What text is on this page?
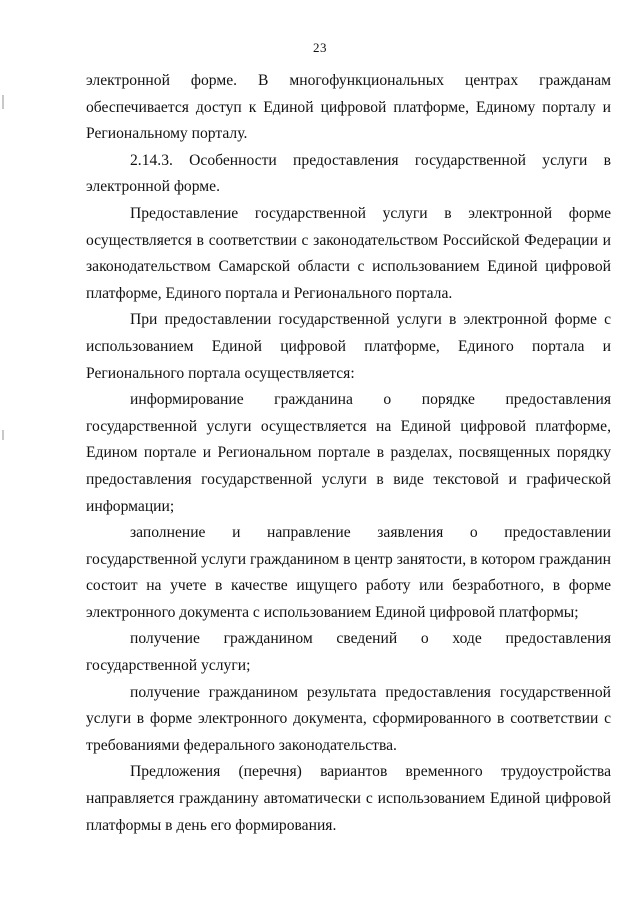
23

электронной форме. В многофункциональных центрах гражданам обеспечивается доступ к Единой цифровой платформе, Единому порталу и Региональному порталу.

2.14.3. Особенности предоставления государственной услуги в электронной форме.

Предоставление государственной услуги в электронной форме осуществляется в соответствии с законодательством Российской Федерации и законодательством Самарской области с использованием Единой цифровой платформе, Единого портала и Регионального портала.

При предоставлении государственной услуги в электронной форме с использованием Единой цифровой платформе, Единого портала и Регионального портала осуществляется:

информирование гражданина о порядке предоставления государственной услуги осуществляется на Единой цифровой платформе, Едином портале и Региональном портале в разделах, посвященных порядку предоставления государственной услуги в виде текстовой и графической информации;

заполнение и направление заявления о предоставлении государственной услуги гражданином в центр занятости, в котором гражданин состоит на учете в качестве ищущего работу или безработного, в форме электронного документа с использованием Единой цифровой платформы;

получение гражданином сведений о ходе предоставления государственной услуги;

получение гражданином результата предоставления государственной услуги в форме электронного документа, сформированного в соответствии с требованиями федерального законодательства.

Предложения (перечня) вариантов временного трудоустройства направляется гражданину автоматически с использованием Единой цифровой платформы в день его формирования.
